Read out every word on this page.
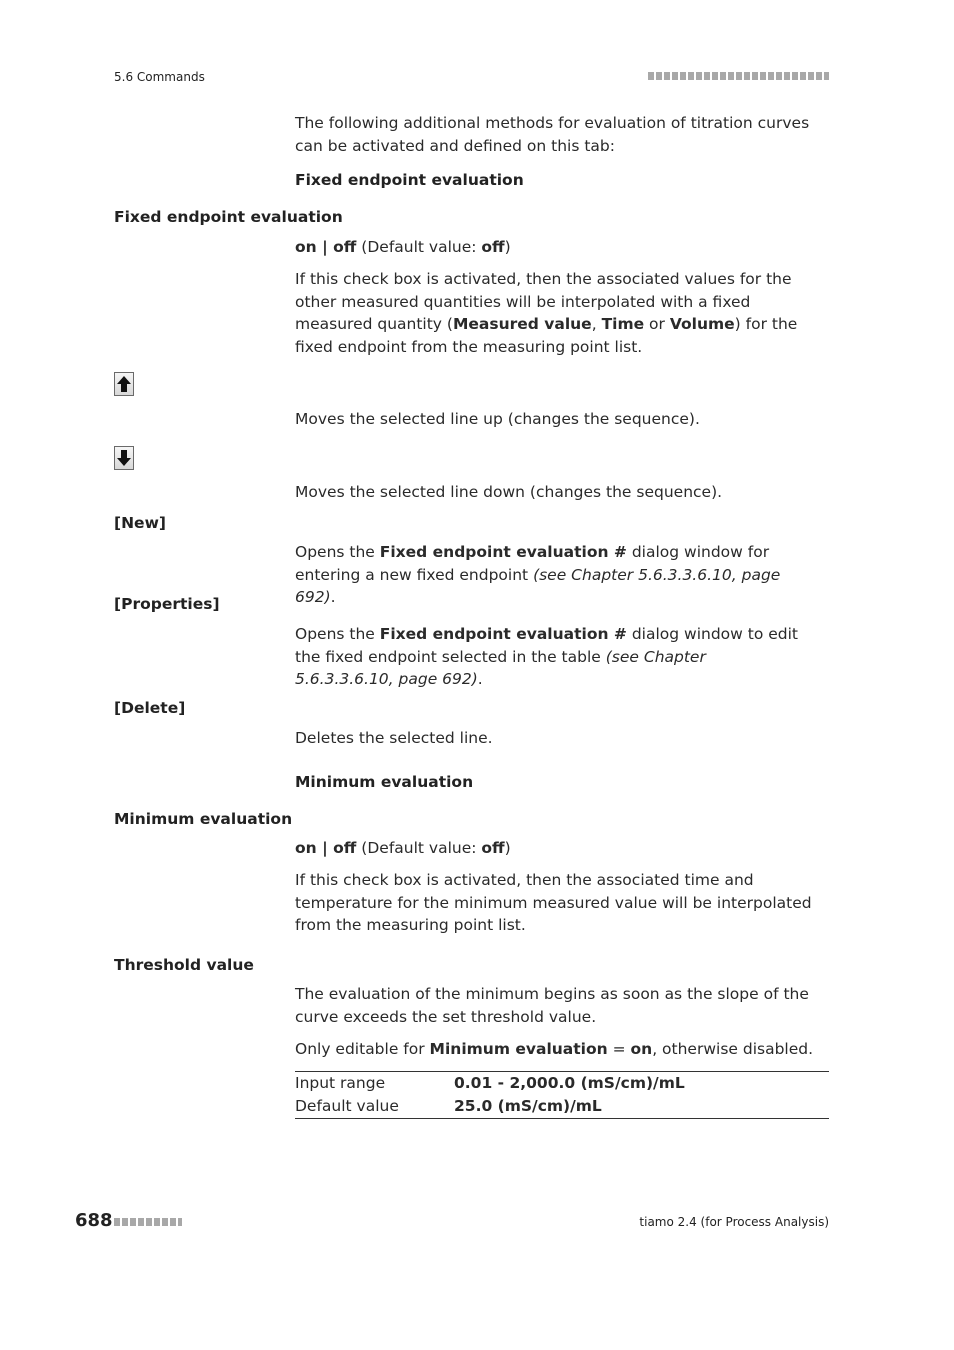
5.6 Commands
The following additional methods for evaluation of titration curves can be activated and defined on this tab:
Fixed endpoint evaluation
Fixed endpoint evaluation
on | off (Default value: off)
If this check box is activated, then the associated values for the other measured quantities will be interpolated with a fixed measured quantity (Measured value, Time or Volume) for the fixed endpoint from the measuring point list.
Moves the selected line up (changes the sequence).
Moves the selected line down (changes the sequence).
[New]
Opens the Fixed endpoint evaluation # dialog window for entering a new fixed endpoint (see Chapter 5.6.3.3.6.10, page 692).
[Properties]
Opens the Fixed endpoint evaluation # dialog window to edit the fixed endpoint selected in the table (see Chapter 5.6.3.3.6.10, page 692).
[Delete]
Deletes the selected line.
Minimum evaluation
Minimum evaluation
on | off (Default value: off)
If this check box is activated, then the associated time and temperature for the minimum measured value will be interpolated from the measuring point list.
Threshold value
The evaluation of the minimum begins as soon as the slope of the curve exceeds the set threshold value.
Only editable for Minimum evaluation = on, otherwise disabled.
Input range	0.01 - 2,000.0 (mS/cm)/mL
Default value	25.0 (mS/cm)/mL
688	tiamo 2.4 (for Process Analysis)
